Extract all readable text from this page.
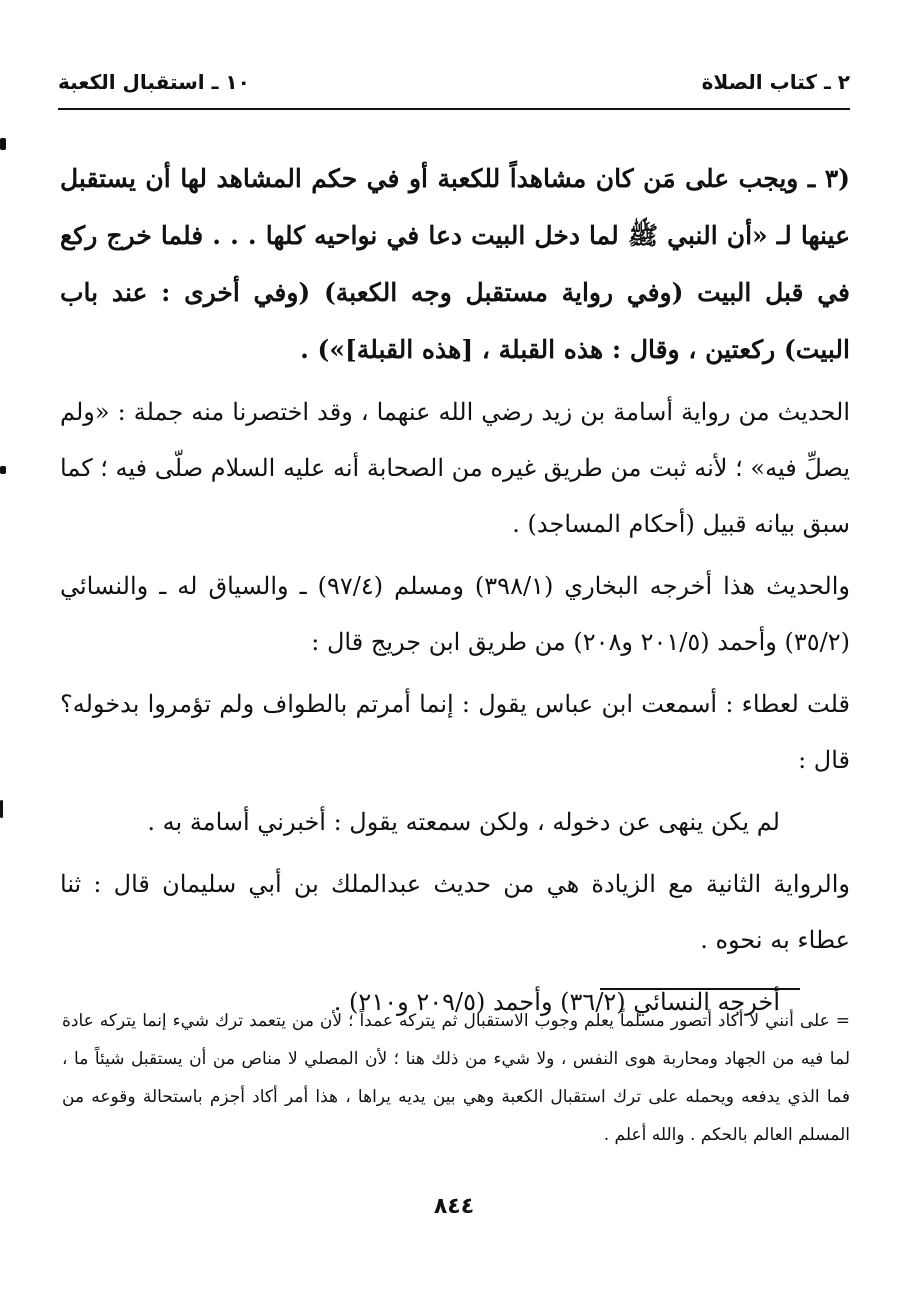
٢ ـ كتاب الصلاة
١٠ ـ استقبال الكعبة

(٣ ـ ويجب على مَن كان مشاهداً للكعبة أو في حكم المشاهد لها أن يستقبل عينها لـ «أن النبي ﷺ لما دخل البيت دعا في نواحيه كلها . . . فلما خرج ركع في قبل البيت (وفي رواية مستقبل وجه الكعبة) (وفي أخرى : عند باب البيت) ركعتين ، وقال : هذه القبلة ، [هذه القبلة]») .

الحديث من رواية أسامة بن زيد رضي الله عنهما ، وقد اختصرنا منه جملة : «ولم يصلِّ فيه» ؛ لأنه ثبت من طريق غيره من الصحابة أنه عليه السلام صلّى فيه ؛ كما سبق بيانه قبيل (أحكام المساجد) .

والحديث هذا أخرجه البخاري (٣٩٨/١) ومسلم (٩٧/٤) ـ والسياق له ـ والنسائي (٣٥/٢) وأحمد (٢٠١/٥ و٢٠٨) من طريق ابن جريج قال :

قلت لعطاء : أسمعت ابن عباس يقول : إنما أمرتم بالطواف ولم تؤمروا بدخوله؟ قال :

لم يكن ينهى عن دخوله ، ولكن سمعته يقول : أخبرني أسامة به .

والرواية الثانية مع الزيادة هي من حديث عبدالملك بن أبي سليمان قال : ثنا عطاء به نحوه .

أخرجه النسائي (٣٦/٢) وأحمد (٢٠٩/٥ و٢١٠) .

= على أنني لا أكاد أتصور مسلماً يعلم وجوب الاستقبال ثم يتركه عمداً ؛ لأن من يتعمد ترك شيء إنما يتركه عادة لما فيه من الجهاد ومحاربة هوى النفس ، ولا شيء من ذلك هنا ؛ لأن المصلي لا مناص من أن يستقبل شيئاً ما ، فما الذي يدفعه ويحمله على ترك استقبال الكعبة وهي بين يديه يراها ، هذا أمر أكاد أجزم باستحالة وقوعه من المسلم العالم بالحكم . والله أعلم .

٨٤٤
